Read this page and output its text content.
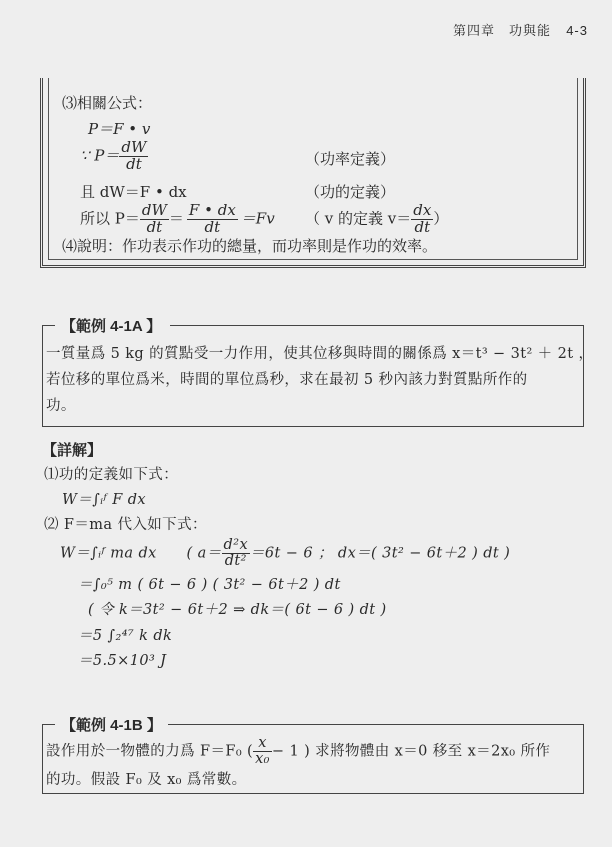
第四章　功與能 4-3
⑶相關公式：
P＝F • v
∵ $P= \frac{dW}{dt}$	（功率定義）
且 dW＝F • dx	（功的定義）
所以 $P= \frac{dW}{dt} = \frac{F • dx}{dt} =Fv$ （ v 的定義 $v= \frac{dx}{dt}$ ）
⑷說明：作功表示作功的總量，而功率則是作功的效率。
【範例 4-1A 】
一質量爲 5 kg 的質點受一力作用，使其位移與時間的關係爲 x＝t³ − 3t² ＋ 2t ，
若位移的單位爲米，時間的單位爲秒，求在最初 5 秒內該力對質點所作的
功。
【詳解】
⑴功的定義如下式：
W＝∫ᵢᶠ F dx
⑵ F＝ma 代入如下式：
W＝∫ᵢᶠ ma dx　　( $a= \frac{\text{d²x}}{\text{dt²}} =6t - 6$ ； dx＝( 3t² − 6t＋2 ) dt )
＝∫₀⁵ m ( 6t − 6 ) ( 3t² − 6t＋2 ) dt
( 令 k＝3t² − 6t＋2 ⇒ dk＝( 6t − 6 ) dt )
＝5 ∫₂⁴⁷ k dk
＝5.5×10³ J
【範例 4-1B 】
設作用於一物體的力爲 F＝F₀ ( $\frac{x}{\text{x₀}} - 1$ ) 求將物體由 x＝0 移至 x＝2x₀ 所作
的功。假設 F₀ 及 x₀ 爲常數。
